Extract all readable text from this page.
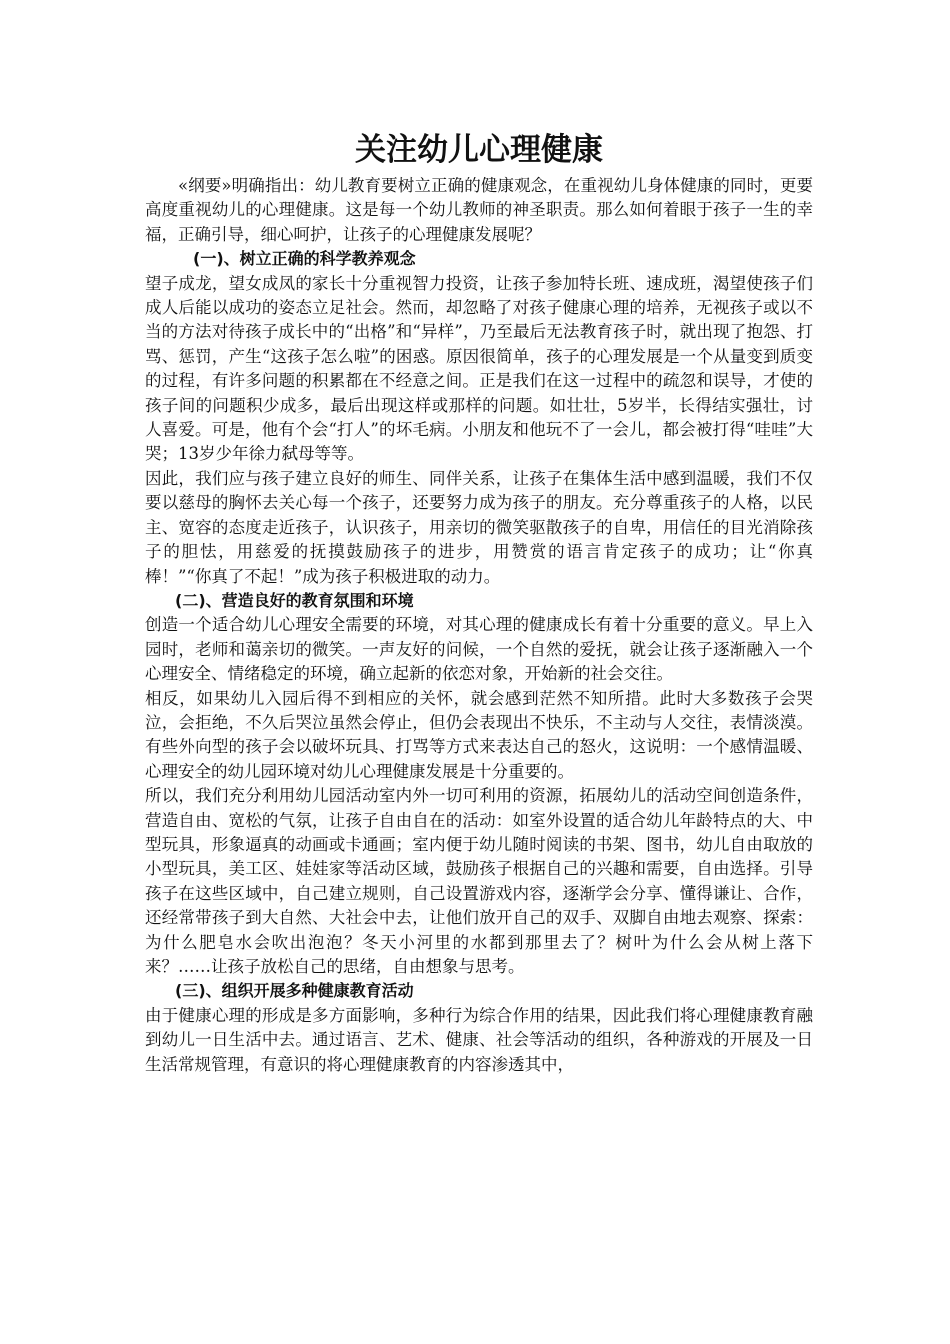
关注幼儿心理健康

«纲要»明确指出：幼儿教育要树立正确的健康观念，在重视幼儿身体健康的同时，更要高度重视幼儿的心理健康。这是每一个幼儿教师的神圣职责。那么如何着眼于孩子一生的幸福，正确引导，细心呵护，让孩子的心理健康发展呢？

(一)、树立正确的科学教养观念

望子成龙，望女成凤的家长十分重视智力投资，让孩子参加特长班、速成班，渴望使孩子们成人后能以成功的姿态立足社会。然而，却忽略了对孩子健康心理的培养，无视孩子或以不当的方法对待孩子成长中的“出格”和“异样”，乃至最后无法教育孩子时，就出现了抱怨、打骂、惩罚，产生“这孩子怎么啦”的困惑。原因很简单，孩子的心理发展是一个从量变到质变的过程，有许多问题的积累都在不经意之间。正是我们在这一过程中的疏忽和误导，才使的孩子间的问题积少成多，最后出现这样或那样的问题。如壮壮，5岁半，长得结实强壮，讨人喜爱。可是，他有个会“打人”的坏毛病。小朋友和他玩不了一会儿，都会被打得“哇哇”大哭；13岁少年徐力弑母等等。

因此，我们应与孩子建立良好的师生、同伴关系，让孩子在集体生活中感到温暖，我们不仅要以慈母的胸怀去关心每一个孩子，还要努力成为孩子的朋友。充分尊重孩子的人格，以民主、宽容的态度走近孩子，认识孩子，用亲切的微笑驱散孩子的自卑，用信任的目光消除孩子的胆怯，用慈爱的抚摸鼓励孩子的进步，用赞赏的语言肯定孩子的成功；让“你真棒！”“你真了不起！”成为孩子积极进取的动力。

(二)、营造良好的教育氛围和环境

创造一个适合幼儿心理安全需要的环境，对其心理的健康成长有着十分重要的意义。早上入园时，老师和蔼亲切的微笑。一声友好的问候，一个自然的爱抚，就会让孩子逐渐融入一个心理安全、情绪稳定的环境，确立起新的依恋对象，开始新的社会交往。

相反，如果幼儿入园后得不到相应的关怀，就会感到茫然不知所措。此时大多数孩子会哭泣，会拒绝，不久后哭泣虽然会停止，但仍会表现出不快乐，不主动与人交往，表情淡漠。有些外向型的孩子会以破坏玩具、打骂等方式来表达自己的怒火，这说明：一个感情温暖、心理安全的幼儿园环境对幼儿心理健康发展是十分重要的。

所以，我们充分利用幼儿园活动室内外一切可利用的资源，拓展幼儿的活动空间创造条件，营造自由、宽松的气氛，让孩子自由自在的活动：如室外设置的适合幼儿年龄特点的大、中型玩具，形象逼真的动画或卡通画；室内便于幼儿随时阅读的书架、图书，幼儿自由取放的小型玩具，美工区、娃娃家等活动区域，鼓励孩子根据自己的兴趣和需要，自由选择。引导孩子在这些区域中，自己建立规则，自己设置游戏内容，逐渐学会分享、懂得谦让、合作，还经常带孩子到大自然、大社会中去，让他们放开自己的双手、双脚自由地去观察、探索：为什么肥皂水会吹出泡泡？冬天小河里的水都到那里去了？树叶为什么会从树上落下来？……让孩子放松自己的思绪，自由想象与思考。

(三)、组织开展多种健康教育活动

由于健康心理的形成是多方面影响，多种行为综合作用的结果，因此我们将心理健康教育融到幼儿一日生活中去。通过语言、艺术、健康、社会等活动的组织，各种游戏的开展及一日生活常规管理，有意识的将心理健康教育的内容渗透其中，
